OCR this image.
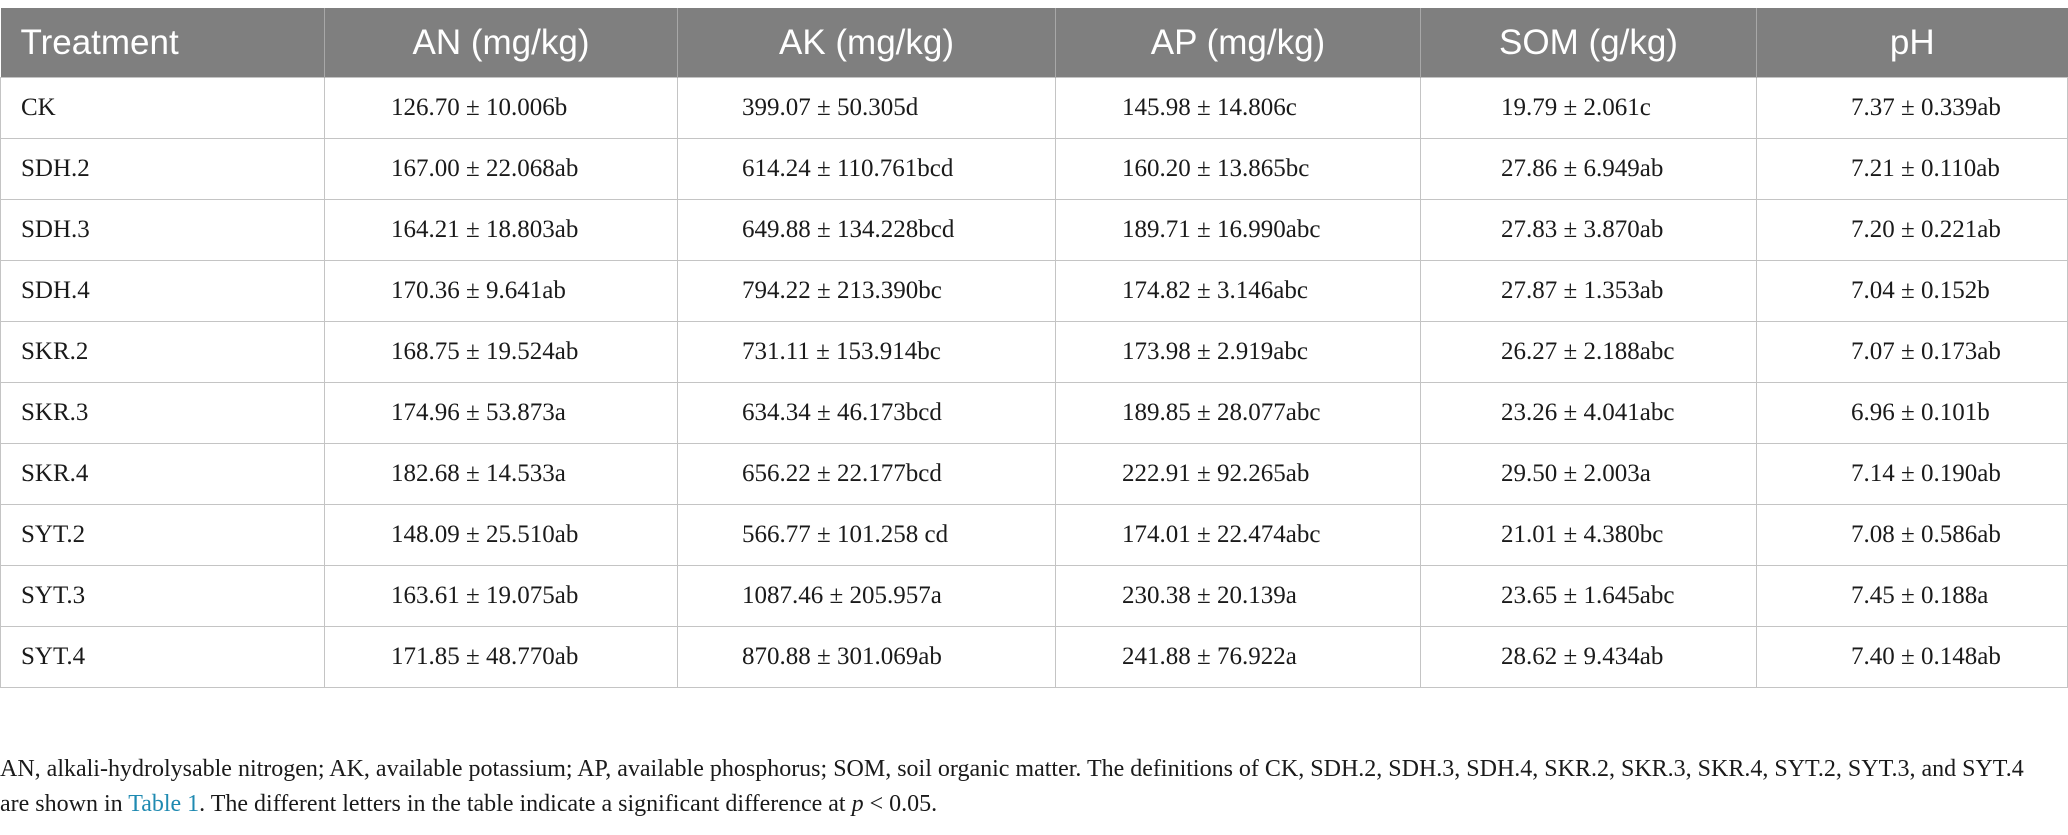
Treatment	AN (mg/kg)	AK (mg/kg)	AP (mg/kg)	SOM (g/kg)	pH
CK	126.70 ± 10.006b	399.07 ± 50.305d	145.98 ± 14.806c	19.79 ± 2.061c	7.37 ± 0.339ab
SDH.2	167.00 ± 22.068ab	614.24 ± 110.761bcd	160.20 ± 13.865bc	27.86 ± 6.949ab	7.21 ± 0.110ab
SDH.3	164.21 ± 18.803ab	649.88 ± 134.228bcd	189.71 ± 16.990abc	27.83 ± 3.870ab	7.20 ± 0.221ab
SDH.4	170.36 ± 9.641ab	794.22 ± 213.390bc	174.82 ± 3.146abc	27.87 ± 1.353ab	7.04 ± 0.152b
SKR.2	168.75 ± 19.524ab	731.11 ± 153.914bc	173.98 ± 2.919abc	26.27 ± 2.188abc	7.07 ± 0.173ab
SKR.3	174.96 ± 53.873a	634.34 ± 46.173bcd	189.85 ± 28.077abc	23.26 ± 4.041abc	6.96 ± 0.101b
SKR.4	182.68 ± 14.533a	656.22 ± 22.177bcd	222.91 ± 92.265ab	29.50 ± 2.003a	7.14 ± 0.190ab
SYT.2	148.09 ± 25.510ab	566.77 ± 101.258 cd	174.01 ± 22.474abc	21.01 ± 4.380bc	7.08 ± 0.586ab
SYT.3	163.61 ± 19.075ab	1087.46 ± 205.957a	230.38 ± 20.139a	23.65 ± 1.645abc	7.45 ± 0.188a
SYT.4	171.85 ± 48.770ab	870.88 ± 301.069ab	241.88 ± 76.922a	28.62 ± 9.434ab	7.40 ± 0.148ab
AN, alkali-hydrolysable nitrogen; AK, available potassium; AP, available phosphorus; SOM, soil organic matter. The definitions of CK, SDH.2, SDH.3, SDH.4, SKR.2, SKR.3, SKR.4, SYT.2, SYT.3, and SYT.4 are shown in Table 1. The different letters in the table indicate a significant difference at p < 0.05.
